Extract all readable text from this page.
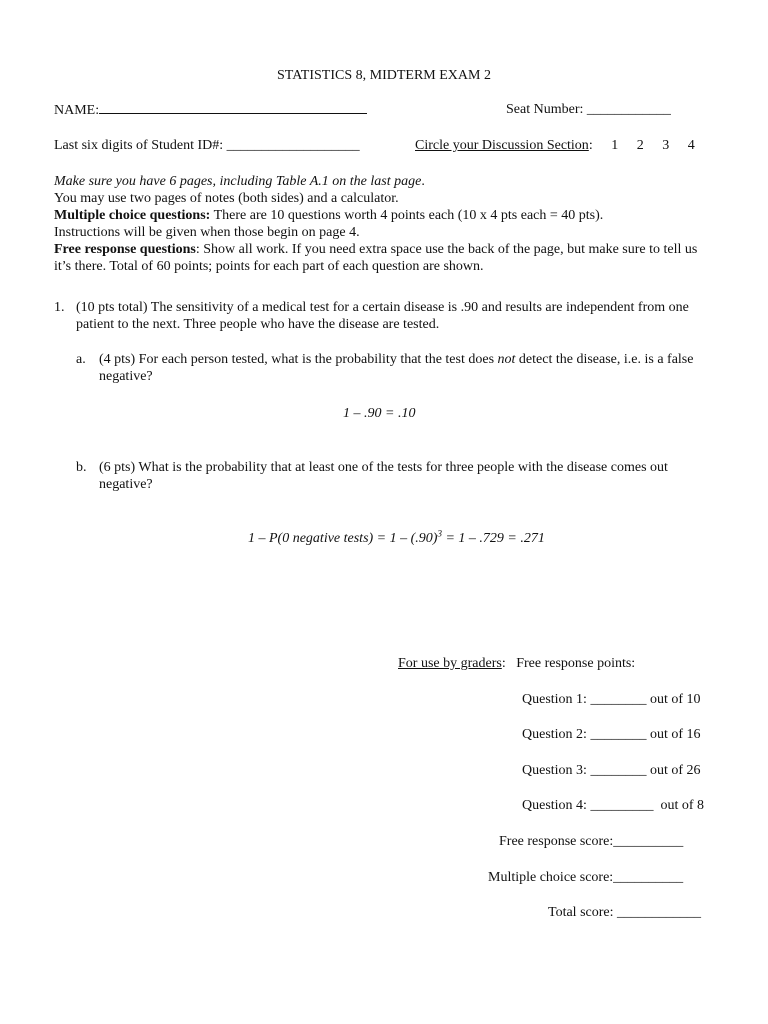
STATISTICS 8, MIDTERM EXAM 2
NAME:	Seat Number: ____________
Last six digits of Student ID#: ___________________	Circle your Discussion Section: 1 2 3 4
Make sure you have 6 pages, including Table A.1 on the last page.
You may use two pages of notes (both sides) and a calculator.
Multiple choice questions: There are 10 questions worth 4 points each (10 x 4 pts each = 40 pts).
Instructions will be given when those begin on page 4.
Free response questions: Show all work. If you need extra space use the back of the page, but make sure to tell us it’s there. Total of 60 points; points for each part of each question are shown.
1. (10 pts total) The sensitivity of a medical test for a certain disease is .90 and results are independent from one patient to the next. Three people who have the disease are tested.
a. (4 pts) For each person tested, what is the probability that the test does not detect the disease, i.e. is a false negative?
1 – .90 = .10
b. (6 pts) What is the probability that at least one of the tests for three people with the disease comes out negative?
1 – P(0 negative tests) = $1 - (.90)^3 = 1 - .729 = .271$
For use by graders: Free response points:
Question 1: ________ out of 10
Question 2: ________ out of 16
Question 3: ________ out of 26
Question 4: _________ out of 8
Free response score:__________
Multiple choice score:__________
Total score: ____________
